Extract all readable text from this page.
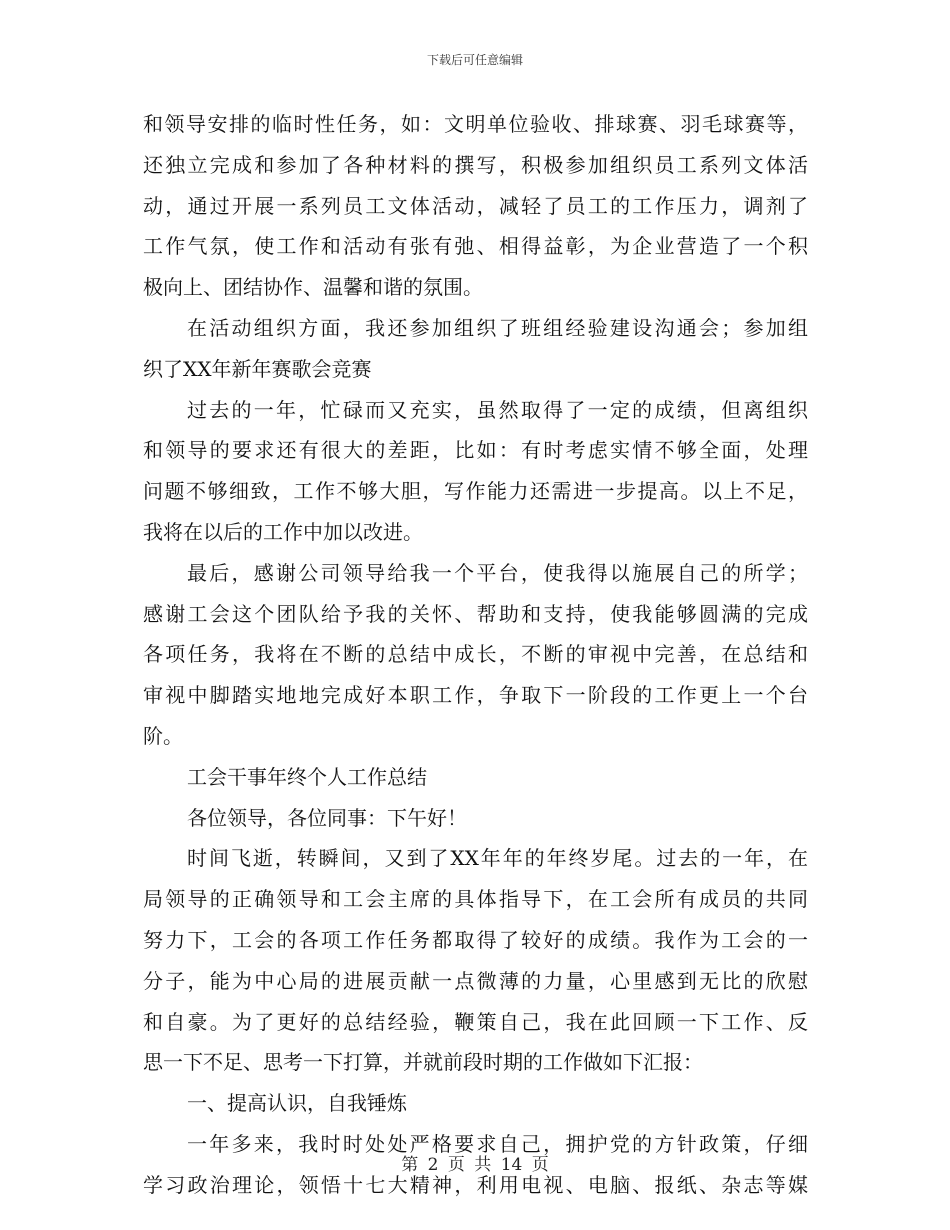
下载后可任意编辑
和领导安排的临时性任务，如：文明单位验收、排球赛、羽毛球赛等，
还独立完成和参加了各种材料的撰写，积极参加组织员工系列文体活
动，通过开展一系列员工文体活动，减轻了员工的工作压力，调剂了
工作气氛，使工作和活动有张有弛、相得益彰，为企业营造了一个积
极向上、团结协作、温馨和谐的氛围。
在活动组织方面，我还参加组织了班组经验建设沟通会；参加组
织了XX年新年赛歌会竞赛
过去的一年，忙碌而又充实，虽然取得了一定的成绩，但离组织
和领导的要求还有很大的差距，比如：有时考虑实情不够全面，处理
问题不够细致，工作不够大胆，写作能力还需进一步提高。以上不足，
我将在以后的工作中加以改进。
最后，感谢公司领导给我一个平台，使我得以施展自己的所学；
感谢工会这个团队给予我的关怀、帮助和支持，使我能够圆满的完成
各项任务，我将在不断的总结中成长，不断的审视中完善，在总结和
审视中脚踏实地地完成好本职工作，争取下一阶段的工作更上一个台
阶。
工会干事年终个人工作总结
各位领导，各位同事：下午好！
时间飞逝，转瞬间，又到了XX年年的年终岁尾。过去的一年，在
局领导的正确领导和工会主席的具体指导下，在工会所有成员的共同
努力下，工会的各项工作任务都取得了较好的成绩。我作为工会的一
分子，能为中心局的进展贡献一点微薄的力量，心里感到无比的欣慰
和自豪。为了更好的总结经验，鞭策自己，我在此回顾一下工作、反
思一下不足、思考一下打算，并就前段时期的工作做如下汇报：
一、提高认识，自我锤炼
一年多来，我时时处处严格要求自己，拥护党的方针政策，仔细
学习政治理论，领悟十七大精神，利用电视、电脑、报纸、杂志等媒
第 2 页 共 14 页
